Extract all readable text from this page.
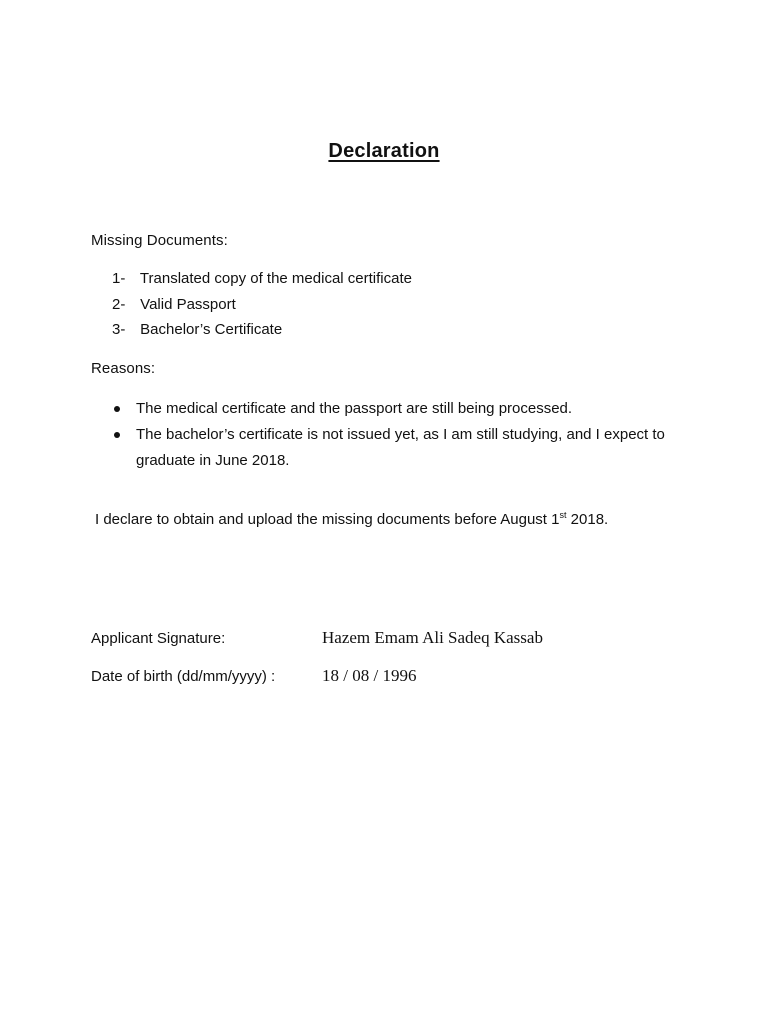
Declaration
Missing Documents:
1- Translated copy of the medical certificate
2- Valid Passport
3- Bachelor’s Certificate
Reasons:
The medical certificate and the passport are still being processed.
The bachelor’s certificate is not issued yet, as I am still studying, and I expect to graduate in June 2018.
I declare to obtain and upload the missing documents before August 1st 2018.
Applicant Signature:	Hazem Emam Ali Sadeq Kassab
Date of birth (dd/mm/yyyy) :	18 / 08 / 1996
